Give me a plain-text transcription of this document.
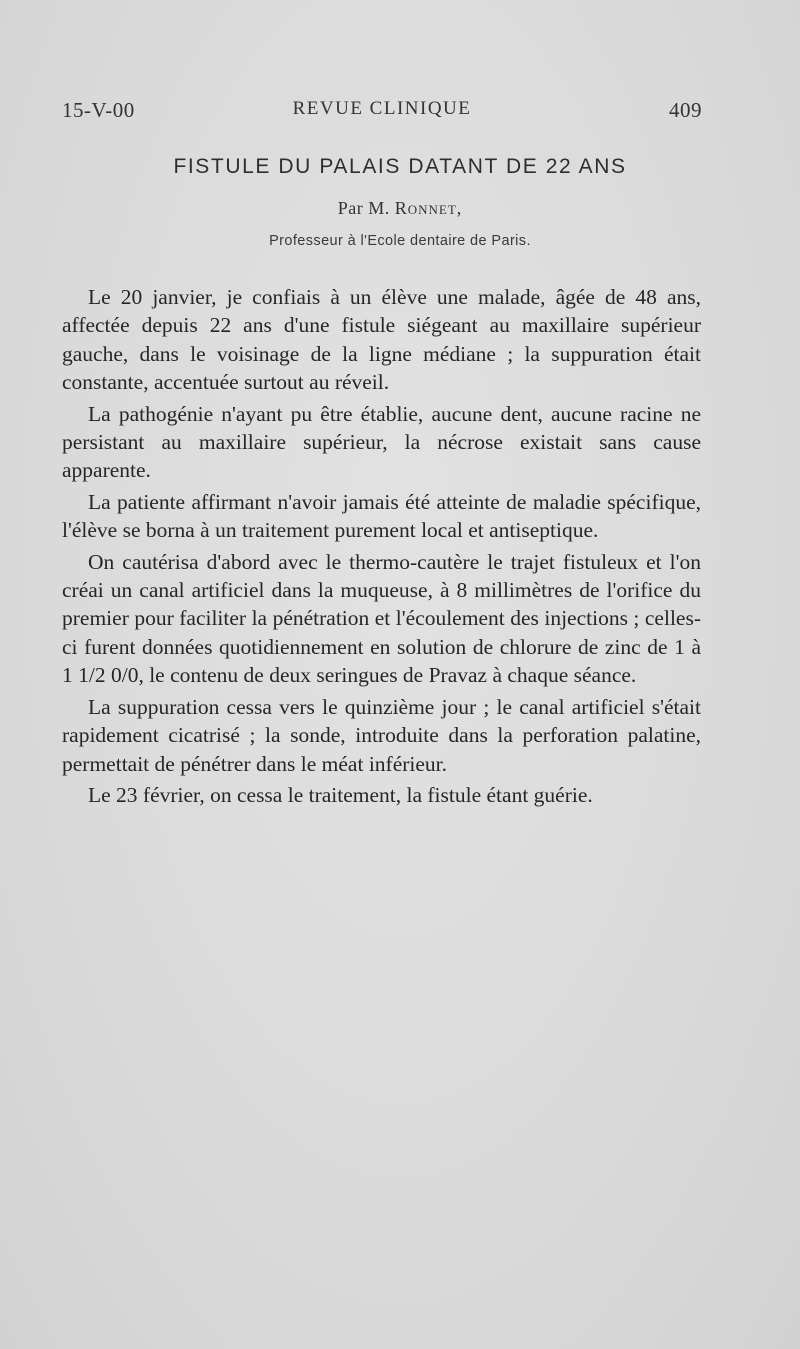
15-V-00	REVUE CLINIQUE	409
FISTULE DU PALAIS DATANT DE 22 ANS
Par M. Ronnet,
Professeur à l'Ecole dentaire de Paris.

Le 20 janvier, je confiais à un élève une malade, âgée de 48 ans, affectée depuis 22 ans d'une fistule siégeant au maxillaire supérieur gauche, dans le voisinage de la ligne médiane ; la suppuration était constante, accentuée surtout au réveil.

La pathogénie n'ayant pu être établie, aucune dent, aucune racine ne persistant au maxillaire supérieur, la nécrose existait sans cause apparente.

La patiente affirmant n'avoir jamais été atteinte de maladie spécifique, l'élève se borna à un traitement purement local et antiseptique.

On cautérisa d'abord avec le thermo-cautère le trajet fistuleux et l'on créai un canal artificiel dans la muqueuse, à 8 millimètres de l'orifice du premier pour faciliter la pénétration et l'écoulement des injections ; celles-ci furent données quotidiennement en solution de chlorure de zinc de 1 à 1 1/2 0/0, le contenu de deux seringues de Pravaz à chaque séance.

La suppuration cessa vers le quinzième jour ; le canal artificiel s'était rapidement cicatrisé ; la sonde, introduite dans la perforation palatine, permettait de pénétrer dans le méat inférieur.

Le 23 février, on cessa le traitement, la fistule étant guérie.
